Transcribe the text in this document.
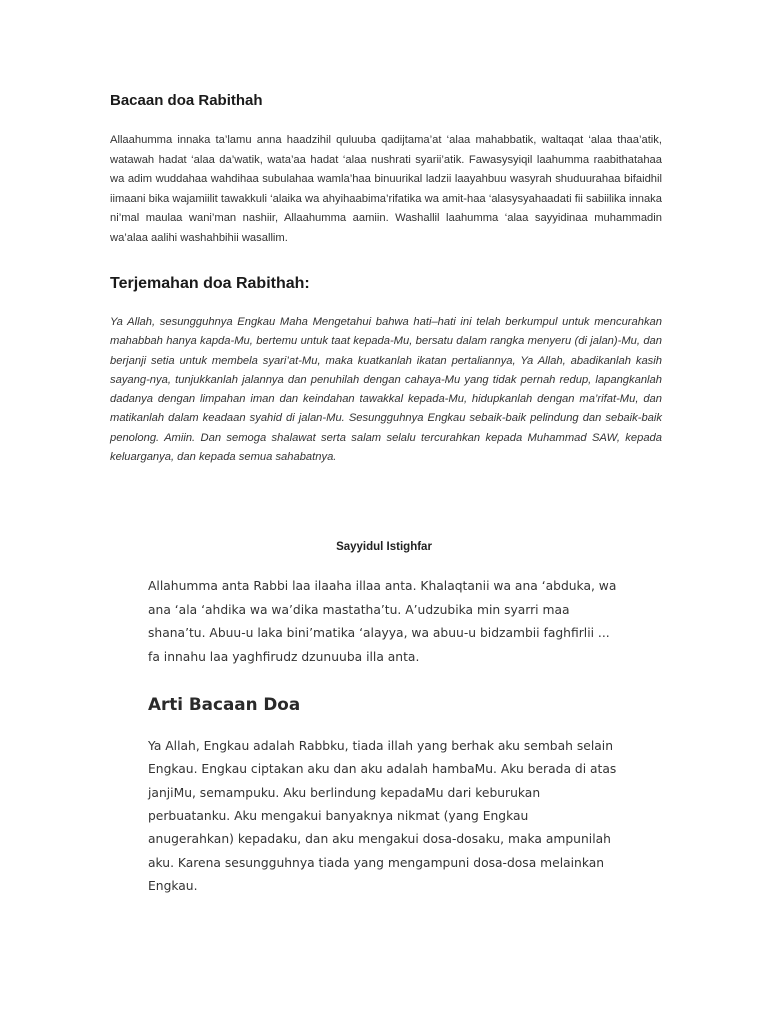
Bacaan doa Rabithah

Allaahumma innaka ta’lamu anna haadzihil quluuba qadijtama’at ‘alaa mahabbatik, waltaqat ‘alaa thaa’atik, watawah hadat ‘alaa da’watik, wata’aa hadat ‘alaa nushrati syarii’atik. Fawasysyiqil laahumma raabithatahaa wa adim wuddahaa wahdihaa subulahaa wamla’haa binuurikal ladzii laayahbuu wasyrah shuduurahaa bifaidhil iimaani bika wajamiilit tawakkuli ‘alaika wa ahyihaabima’rifatika wa amit-haa ‘alasysyahaadati fii sabiilika innaka ni’mal maulaa wani’man nashiir, Allaahumma aamiin. Washallil laahumma ‘alaa sayyidinaa muhammadin wa’alaa aalihi washahbihii wasallim.

Terjemahan doa Rabithah:

Ya Allah, sesungguhnya Engkau Maha Mengetahui bahwa hati–hati ini telah berkumpul untuk mencurahkan mahabbah hanya kapda-Mu, bertemu untuk taat kepada-Mu, bersatu dalam rangka menyeru (di jalan)-Mu, dan berjanji setia untuk membela syari’at-Mu, maka kuatkanlah ikatan pertaliannya, Ya Allah, abadikanlah kasih sayang-nya, tunjukkanlah jalannya dan penuhilah dengan cahaya-Mu yang tidak pernah redup, lapangkanlah dadanya dengan limpahan iman dan keindahan tawakkal kepada-Mu, hidupkanlah dengan ma’rifat-Mu, dan matikanlah dalam keadaan syahid di jalan-Mu. Sesungguhnya Engkau sebaik-baik pelindung dan sebaik-baik penolong. Amiin. Dan semoga shalawat serta salam selalu tercurahkan kepada Muhammad SAW, kepada keluarganya, dan kepada semua sahabatnya.

Sayyidul Istighfar

Allahumma anta Rabbi laa ilaaha illaa anta. Khalaqtanii wa ana ‘abduka, wa ana ‘ala ‘ahdika wa wa’dika mastatha’tu. A’udzubika min syarri maa shana’tu. Abuu-u laka bini’matika ‘alayya, wa abuu-u bidzambii faghfirlii ... fa innahu laa yaghfirudz dzunuuba illa anta.

Arti Bacaan Doa

Ya Allah, Engkau adalah Rabbku, tiada illah yang berhak aku sembah selain Engkau. Engkau ciptakan aku dan aku adalah hambaMu. Aku berada di atas janjiMu, semampuku. Aku berlindung kepadaMu dari keburukan perbuatanku. Aku mengakui banyaknya nikmat (yang Engkau anugerahkan) kepadaku, dan aku mengakui dosa-dosaku, maka ampunilah aku. Karena sesungguhnya tiada yang mengampuni dosa-dosa melainkan Engkau.
